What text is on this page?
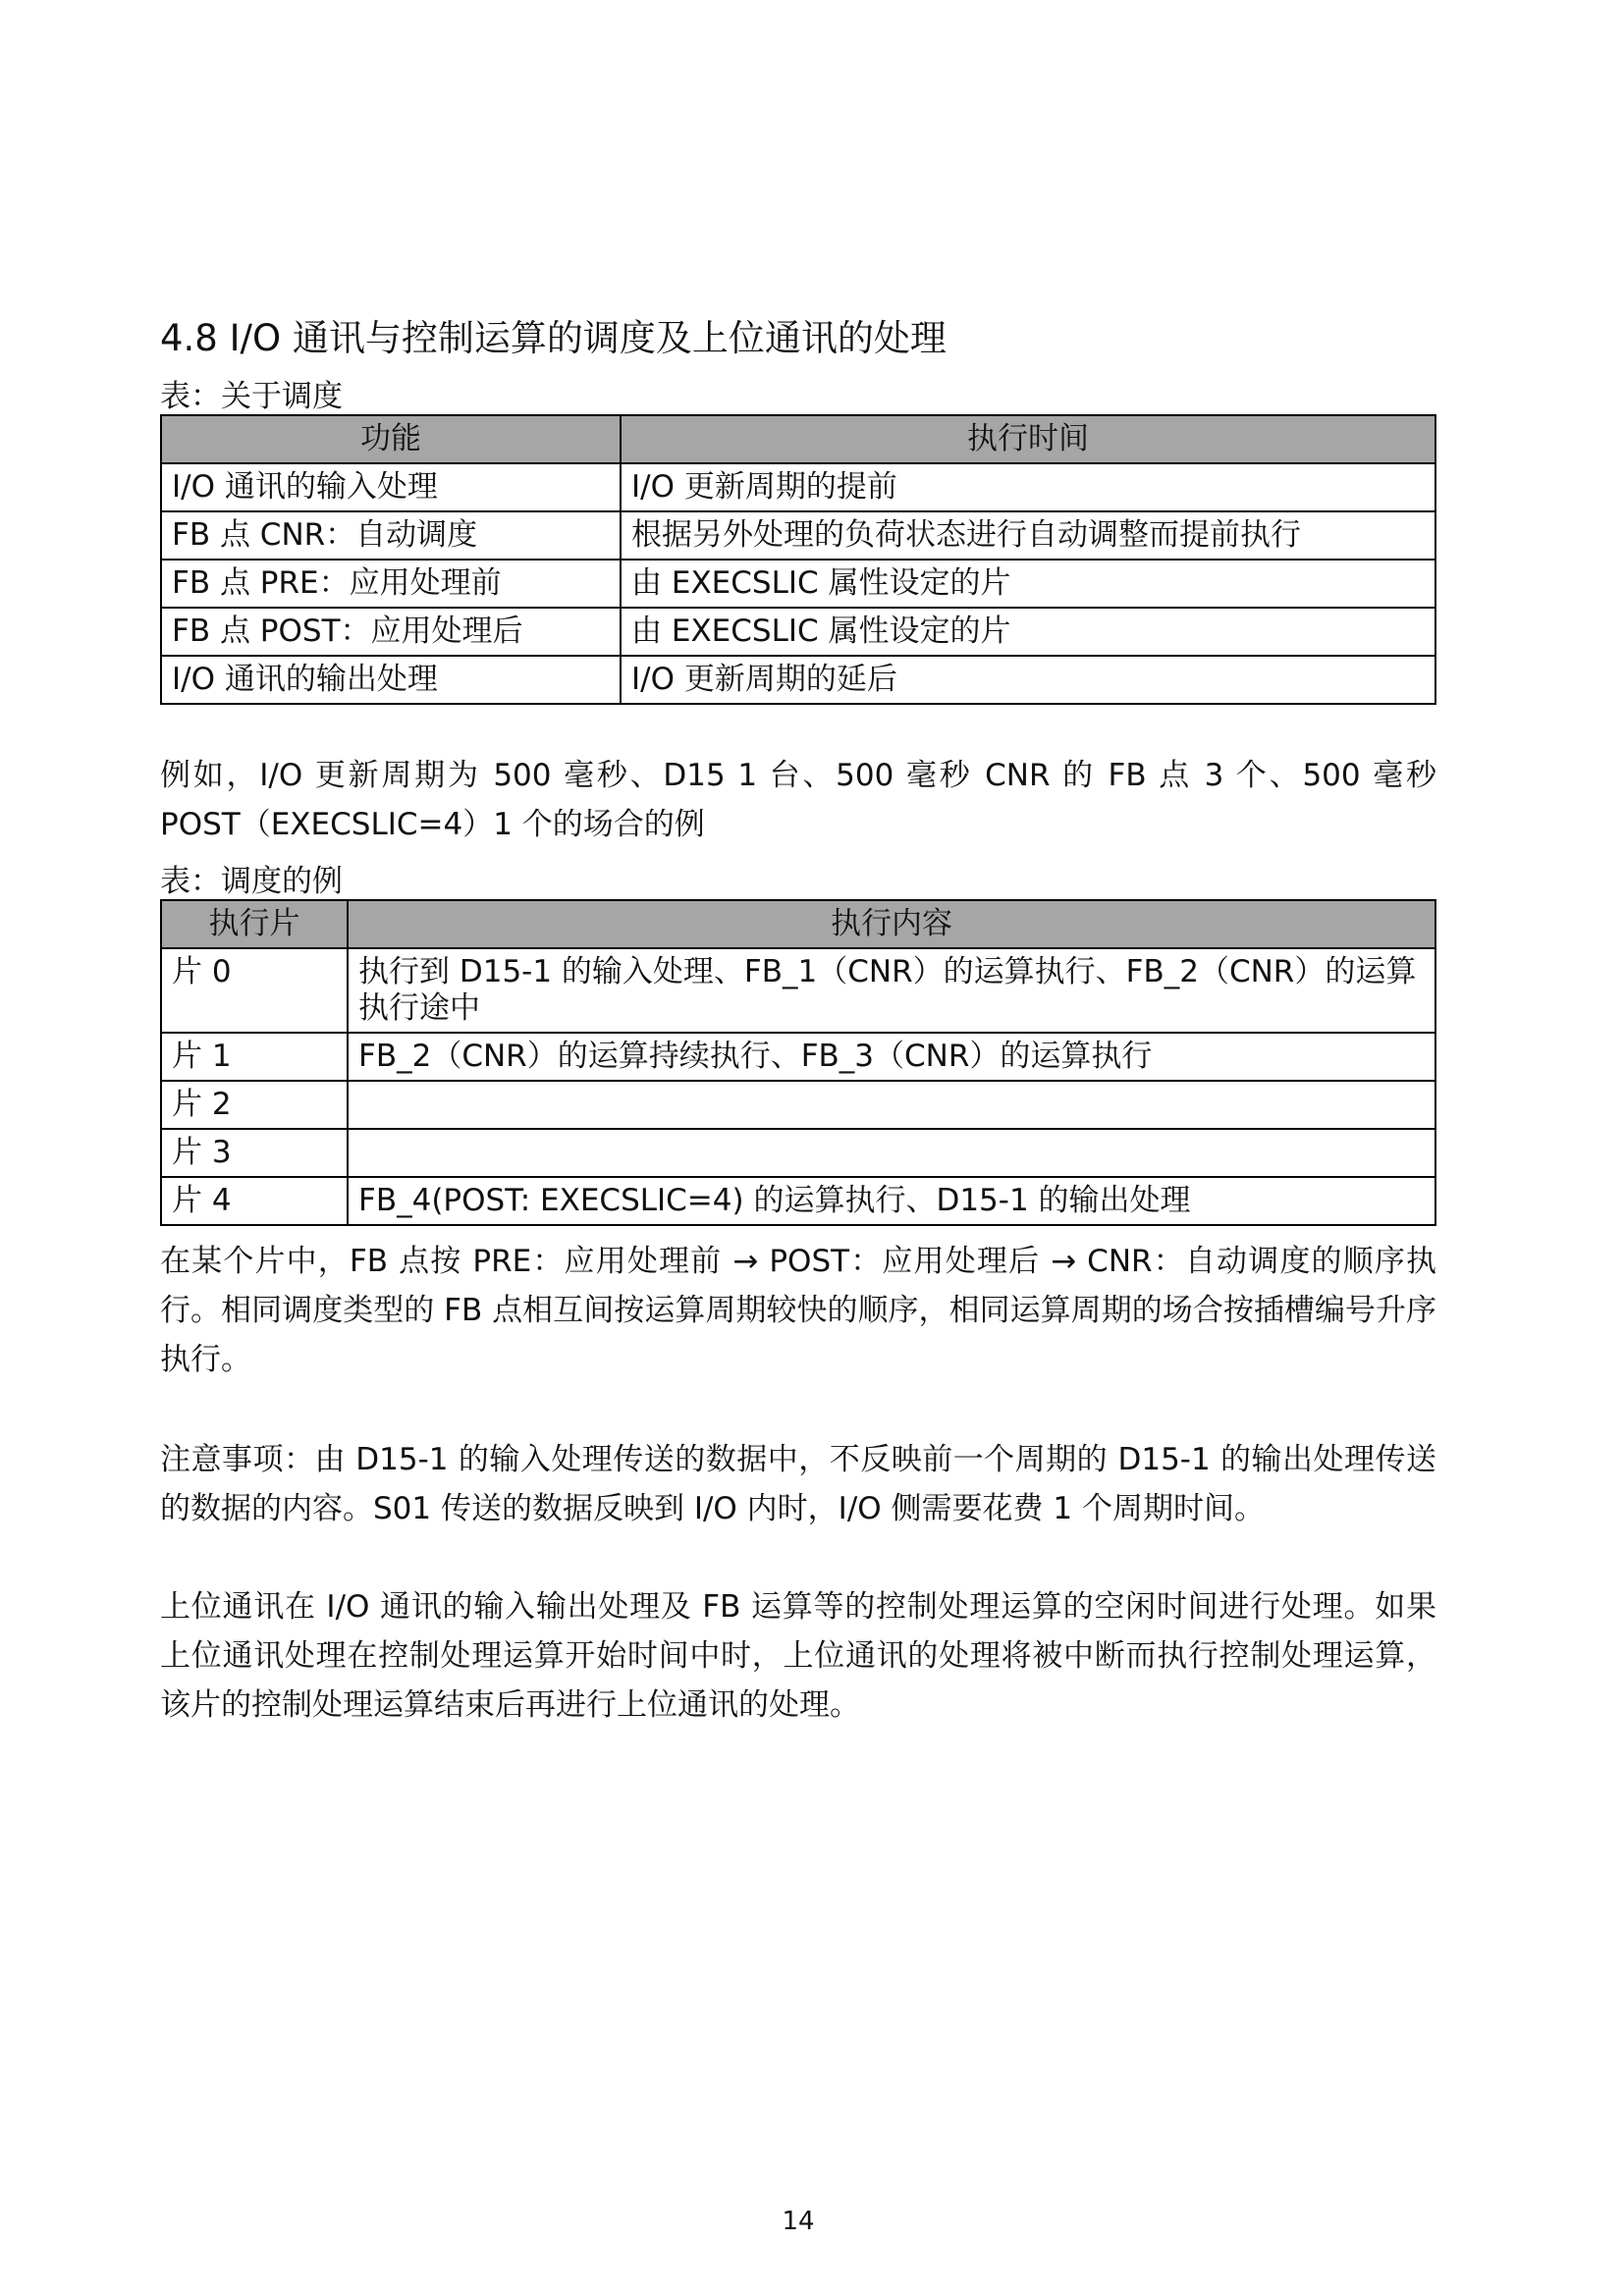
4.8 I/O 通讯与控制运算的调度及上位通讯的处理
表：关于调度
功能	执行时间
I/O 通讯的输入处理	I/O 更新周期的提前
FB 点 CNR：自动调度	根据另外处理的负荷状态进行自动调整而提前执行
FB 点 PRE：应用处理前	由 EXECSLIC 属性设定的片
FB 点 POST：应用处理后	由 EXECSLIC 属性设定的片
I/O 通讯的输出处理	I/O 更新周期的延后
例如，I/O 更新周期为 500 毫秒、D15 1 台、500 毫秒 CNR 的 FB 点 3 个、500 毫秒 POST（EXECSLIC=4）1 个的场合的例
表：调度的例
执行片	执行内容
片 0	执行到 D15-1 的输入处理、FB_1（CNR）的运算执行、FB_2（CNR）的运算执行途中
片 1	FB_2（CNR）的运算持续执行、FB_3（CNR）的运算执行
片 2	
片 3	
片 4	FB_4(POST: EXECSLIC=4) 的运算执行、D15-1 的输出处理
在某个片中，FB 点按 PRE：应用处理前 → POST：应用处理后 → CNR：自动调度的顺序执行。相同调度类型的 FB 点相互间按运算周期较快的顺序，相同运算周期的场合按插槽编号升序执行。
注意事项：由 D15-1 的输入处理传送的数据中，不反映前一个周期的 D15-1 的输出处理传送的数据的内容。S01 传送的数据反映到 I/O 内时，I/O 侧需要花费 1 个周期时间。
上位通讯在 I/O 通讯的输入输出处理及 FB 运算等的控制处理运算的空闲时间进行处理。如果上位通讯处理在控制处理运算开始时间中时，上位通讯的处理将被中断而执行控制处理运算，该片的控制处理运算结束后再进行上位通讯的处理。
14
